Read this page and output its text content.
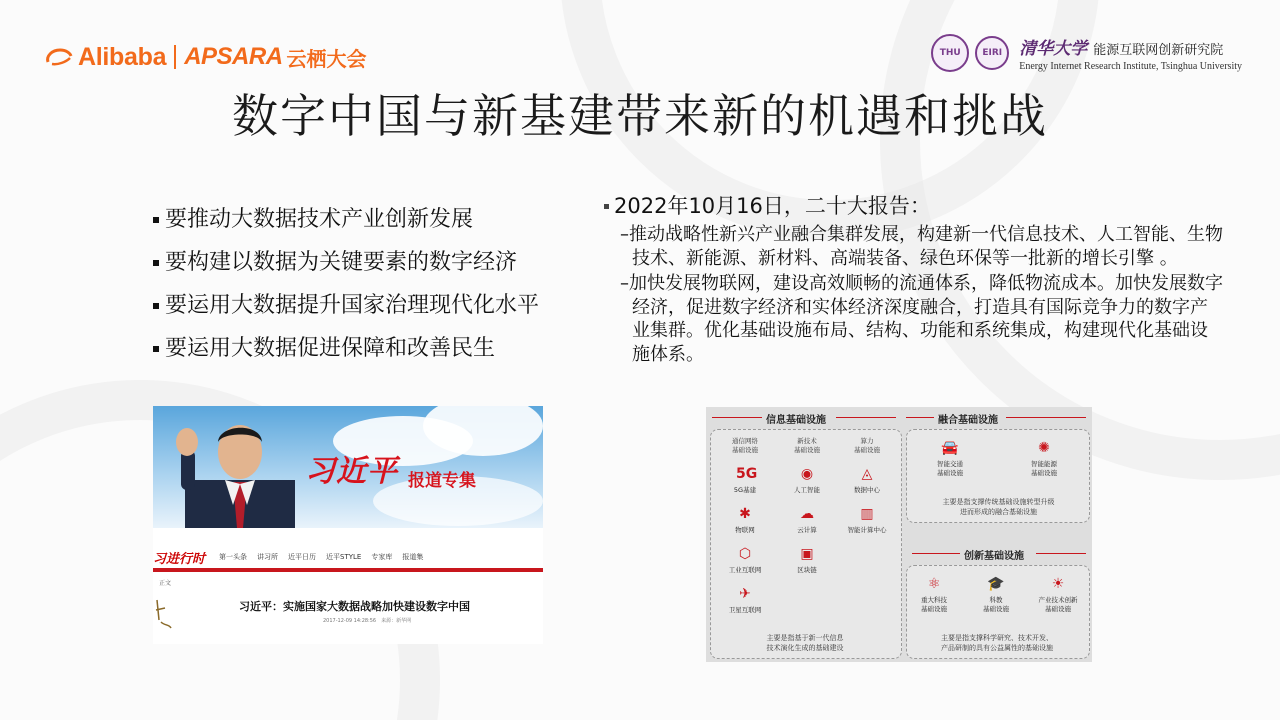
Alibaba APSARA 云栖大会	THU	EIRI	清华大学 能源互联网创新研究院
Energy Internet Research Institute, Tsinghua University
数字中国与新基建带来新的机遇和挑战
要推动大数据技术产业创新发展
要构建以数据为关键要素的数字经济
要运用大数据提升国家治理现代化水平
要运用大数据促进保障和改善民生
2022年10月16日，二十大报告：
–推动战略性新兴产业融合集群发展，构建新一代信息技术、人工智能、生物技术、新能源、新材料、高端装备、绿色环保等一批新的增长引擎 。
–加快发展物联网，建设高效顺畅的流通体系，降低物流成本。加快发展数字经济，促进数字经济和实体经济深度融合，打造具有国际竞争力的数字产业集群。优化基础设施布局、结构、功能和系统集成，构建现代化基础设施体系。
习近平 报道专集
习进行时 第一头条 讲习所 近平日历 近平STYLE 专家库 报道集
正文
习近平：实施国家大数据战略加快建设数字中国
2017-12-09 14:28:56　来源：新华网
信息基础设施	融合基础设施
通信网络
基础设施
新技术
基础设施
算力
基础设施
5G
5G基建
◉
人工智能
◬
数据中心
✱
物联网
☁
云计算
▥
智能计算中心
⬡
工业互联网
▣
区块链
✈
卫星互联网
主要是指基于新一代信息
技术演化生成的基础建设
🚘
智能交通
基础设施
✺
智能能源
基础设施
主要是指支撑传统基础设施转型升级
进而形成的融合基础设施
创新基础设施
⚛
重大科技
基础设施
🎓
科教
基础设施
☀
产业技术创新
基础设施
主要是指支撑科学研究、技术开发、
产品研制的具有公益属性的基础设施
